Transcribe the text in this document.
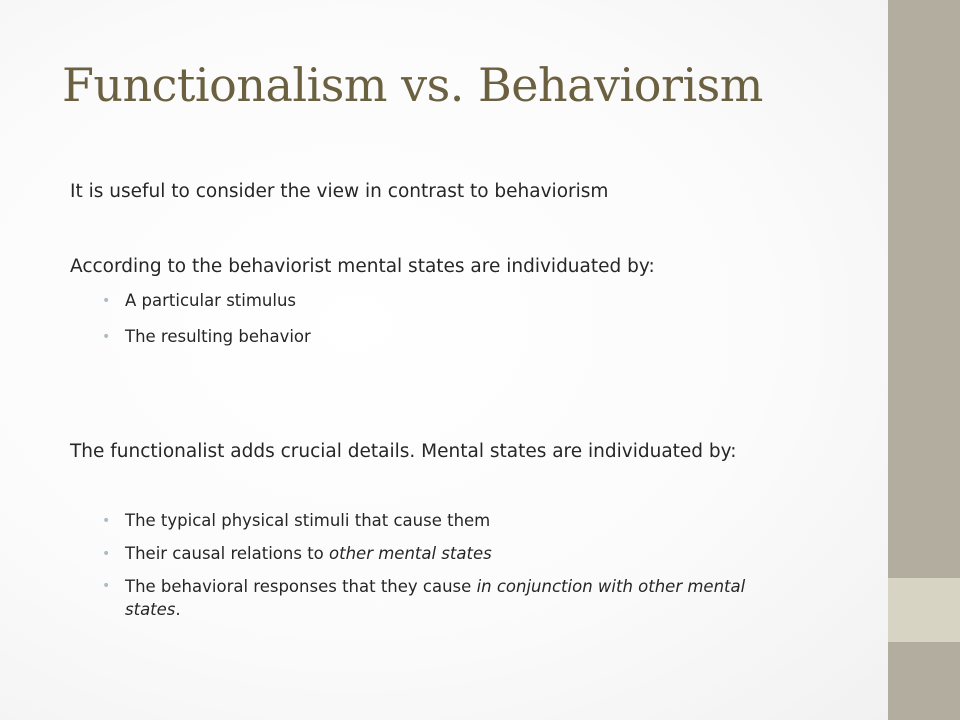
Functionalism vs. Behaviorism

It is useful to consider the view in contrast to behaviorism

According to the behaviorist mental states are individuated by:

• A particular stimulus
• The resulting behavior

The functionalist adds crucial details. Mental states are individuated by:

• The typical physical stimuli that cause them
• Their causal relations to other mental states
• The behavioral responses that they cause in conjunction with other mental states.
